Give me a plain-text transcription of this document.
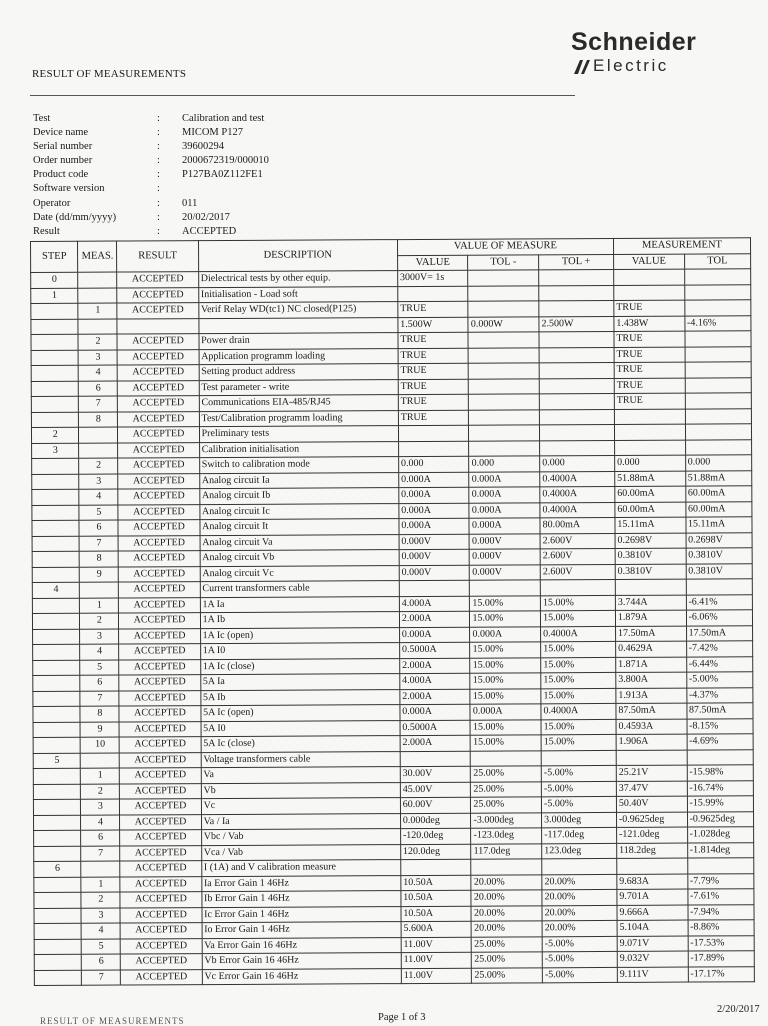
Schneider
Electric
RESULT OF MEASUREMENTS
Test	:	Calibration and test
Device name	:	MICOM P127
Serial number	:	39600294
Order number	:	2000672319/000010
Product code	:	P127BA0Z112FE1
Software version	:
Operator	:	011
Date (dd/mm/yyyy)	:	20/02/2017
Result	:	ACCEPTED
STEP	MEAS.	RESULT	DESCRIPTION	VALUE OF MEASURE			MEASUREMENT	
				VALUE	TOL -	TOL +	VALUE	TOL
0		ACCEPTED	Dielectrical tests by other equip.	3000V= 1s				
1		ACCEPTED	Initialisation - Load soft					
	1	ACCEPTED	Verif Relay WD(tc1) NC closed(P125)	TRUE			TRUE	
				1.500W	0.000W	2.500W	1.438W	-4.16%
	2	ACCEPTED	Power drain	TRUE			TRUE	
	3	ACCEPTED	Application programm loading	TRUE			TRUE	
	4	ACCEPTED	Setting product address	TRUE			TRUE	
	6	ACCEPTED	Test parameter - write	TRUE			TRUE	
	7	ACCEPTED	Communications EIA-485/RJ45	TRUE			TRUE	
	8	ACCEPTED	Test/Calibration programm loading	TRUE				
2		ACCEPTED	Preliminary tests					
3		ACCEPTED	Calibration initialisation					
	2	ACCEPTED	Switch to calibration mode	0.000	0.000	0.000	0.000	0.000
	3	ACCEPTED	Analog circuit Ia	0.000A	0.000A	0.4000A	51.88mA	51.88mA
	4	ACCEPTED	Analog circuit Ib	0.000A	0.000A	0.4000A	60.00mA	60.00mA
	5	ACCEPTED	Analog circuit Ic	0.000A	0.000A	0.4000A	60.00mA	60.00mA
	6	ACCEPTED	Analog circuit It	0.000A	0.000A	80.00mA	15.11mA	15.11mA
	7	ACCEPTED	Analog circuit Va	0.000V	0.000V	2.600V	0.2698V	0.2698V
	8	ACCEPTED	Analog circuit Vb	0.000V	0.000V	2.600V	0.3810V	0.3810V
	9	ACCEPTED	Analog circuit Vc	0.000V	0.000V	2.600V	0.3810V	0.3810V
4		ACCEPTED	Current transformers cable					
	1	ACCEPTED	1A Ia	4.000A	15.00%	15.00%	3.744A	-6.41%
	2	ACCEPTED	1A Ib	2.000A	15.00%	15.00%	1.879A	-6.06%
	3	ACCEPTED	1A Ic (open)	0.000A	0.000A	0.4000A	17.50mA	17.50mA
	4	ACCEPTED	1A I0	0.5000A	15.00%	15.00%	0.4629A	-7.42%
	5	ACCEPTED	1A Ic (close)	2.000A	15.00%	15.00%	1.871A	-6.44%
	6	ACCEPTED	5A Ia	4.000A	15.00%	15.00%	3.800A	-5.00%
	7	ACCEPTED	5A Ib	2.000A	15.00%	15.00%	1.913A	-4.37%
	8	ACCEPTED	5A Ic (open)	0.000A	0.000A	0.4000A	87.50mA	87.50mA
	9	ACCEPTED	5A I0	0.5000A	15.00%	15.00%	0.4593A	-8.15%
	10	ACCEPTED	5A Ic (close)	2.000A	15.00%	15.00%	1.906A	-4.69%
5		ACCEPTED	Voltage transformers cable					
	1	ACCEPTED	Va	30.00V	25.00%	-5.00%	25.21V	-15.98%
	2	ACCEPTED	Vb	45.00V	25.00%	-5.00%	37.47V	-16.74%
	3	ACCEPTED	Vc	60.00V	25.00%	-5.00%	50.40V	-15.99%
	4	ACCEPTED	Va / Ia	0.000deg	-3.000deg	3.000deg	-0.9625deg	-0.9625deg
	6	ACCEPTED	Vbc / Vab	-120.0deg	-123.0deg	-117.0deg	-121.0deg	-1.028deg
	7	ACCEPTED	Vca / Vab	120.0deg	117.0deg	123.0deg	118.2deg	-1.814deg
6		ACCEPTED	I (1A) and V calibration measure					
	1	ACCEPTED	Ia Error Gain 1 46Hz	10.50A	20.00%	20.00%	9.683A	-7.79%
	2	ACCEPTED	Ib Error Gain 1 46Hz	10.50A	20.00%	20.00%	9.701A	-7.61%
	3	ACCEPTED	Ic Error Gain 1 46Hz	10.50A	20.00%	20.00%	9.666A	-7.94%
	4	ACCEPTED	Io Error Gain 1 46Hz	5.600A	20.00%	20.00%	5.104A	-8.86%
	5	ACCEPTED	Va Error Gain 16 46Hz	11.00V	25.00%	-5.00%	9.071V	-17.53%
	6	ACCEPTED	Vb Error Gain 16 46Hz	11.00V	25.00%	-5.00%	9.032V	-17.89%
	7	ACCEPTED	Vc Error Gain 16 46Hz	11.00V	25.00%	-5.00%	9.111V	-17.17%
RESULT OF MEASUREMENTS	Page 1 of 3
2/20/2017
